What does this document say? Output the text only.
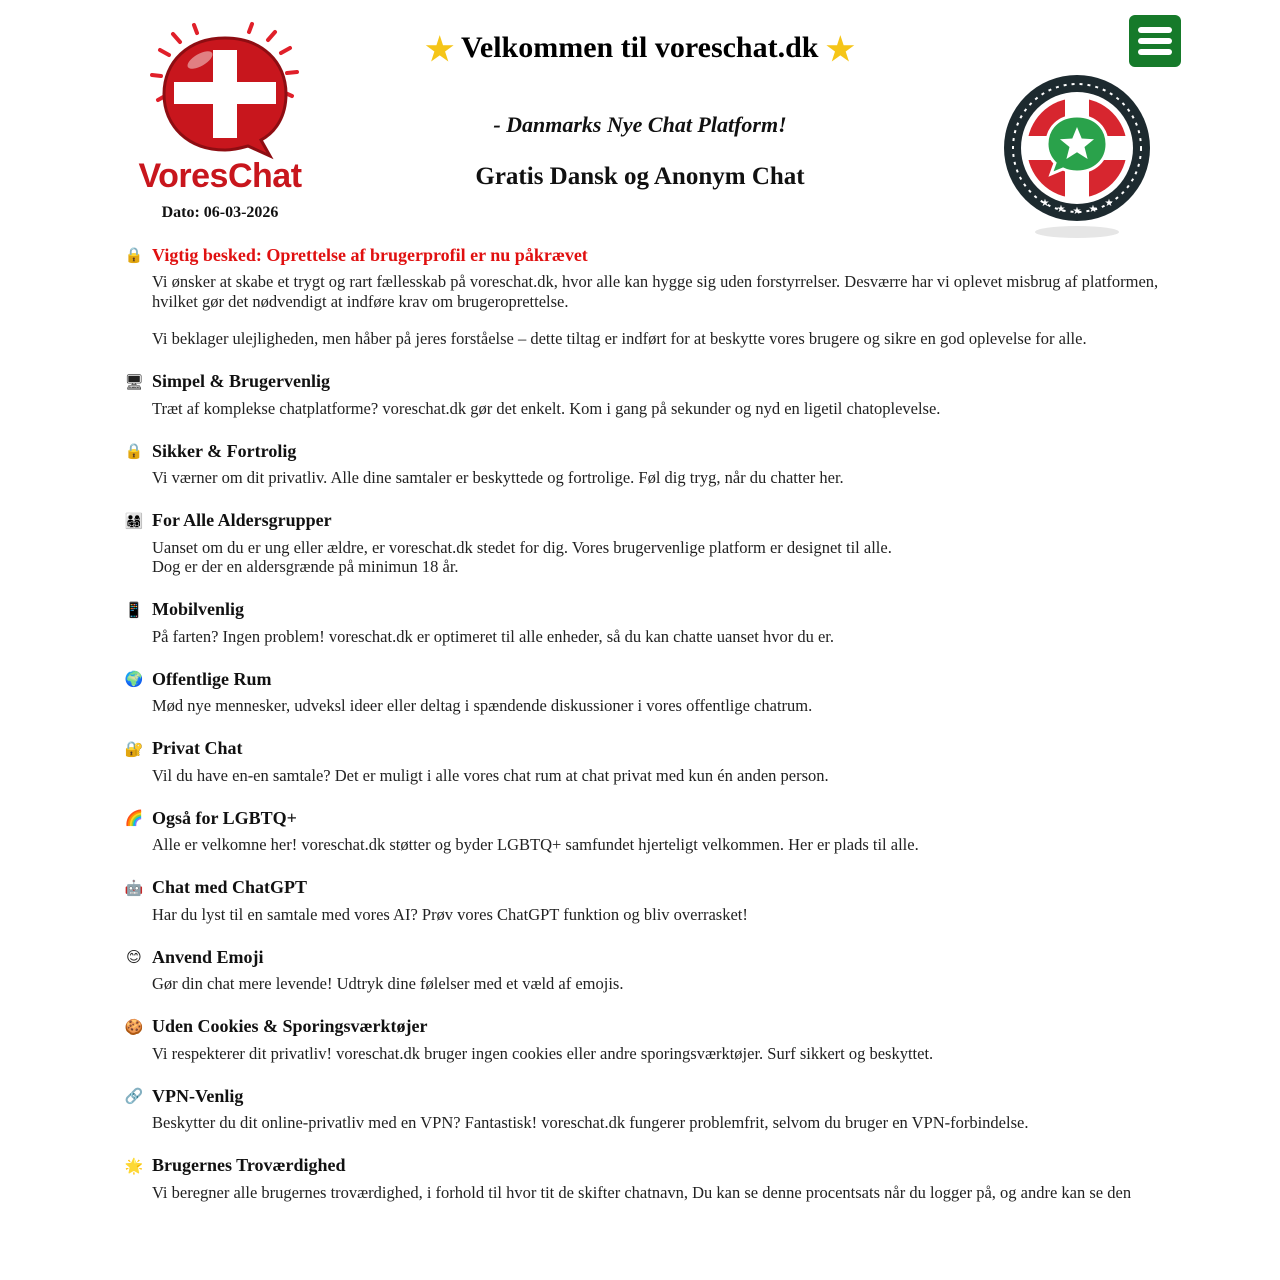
VoresChat
Dato: 06-03-2026
★ Velkommen til voreschat.dk ★
- Danmarks Nye Chat Platform!
Gratis Dansk og Anonym Chat
★
★ ★ ★
★
🔒 Vigtig besked: Oprettelse af brugerprofil er nu påkrævet

Vi ønsker at skabe et trygt og rart fællesskab på voreschat.dk, hvor alle kan hygge sig uden forstyrrelser. Desværre har vi oplevet misbrug af platformen, hvilket gør det nødvendigt at indføre krav om brugeroprettelse.

Vi beklager ulejligheden, men håber på jeres forståelse – dette tiltag er indført for at beskytte vores brugere og sikre en god oplevelse for alle.

🖥 Simpel & Brugervenlig

Træt af komplekse chatplatforme? voreschat.dk gør det enkelt. Kom i gang på sekunder og nyd en ligetil chatoplevelse.

🔒 Sikker & Fortrolig

Vi værner om dit privatliv. Alle dine samtaler er beskyttede og fortrolige. Føl dig tryg, når du chatter her.

👨‍👩‍👧‍👦 For Alle Aldersgrupper

Uanset om du er ung eller ældre, er voreschat.dk stedet for dig. Vores brugervenlige platform er designet til alle.
Dog er der en aldersgrænde på minimun 18 år.

📱 Mobilvenlig

På farten? Ingen problem! voreschat.dk er optimeret til alle enheder, så du kan chatte uanset hvor du er.

🌍 Offentlige Rum

Mød nye mennesker, udveksl ideer eller deltag i spændende diskussioner i vores offentlige chatrum.

🔐 Privat Chat

Vil du have en-en samtale? Det er muligt i alle vores chat rum at chat privat med kun én anden person.

🌈 Også for LGBTQ+

Alle er velkomne her! voreschat.dk støtter og byder LGBTQ+ samfundet hjerteligt velkommen. Her er plads til alle.

🤖 Chat med ChatGPT

Har du lyst til en samtale med vores AI? Prøv vores ChatGPT funktion og bliv overrasket!

😊 Anvend Emoji

Gør din chat mere levende! Udtryk dine følelser med et væld af emojis.

🍪 Uden Cookies & Sporingsværktøjer

Vi respekterer dit privatliv! voreschat.dk bruger ingen cookies eller andre sporingsværktøjer. Surf sikkert og beskyttet.

🔗 VPN-Venlig

Beskytter du dit online-privatliv med en VPN? Fantastisk! voreschat.dk fungerer problemfrit, selvom du bruger en VPN-forbindelse.

🌟 Brugernes Troværdighed

Vi beregner alle brugernes troværdighed, i forhold til hvor tit de skifter chatnavn, Du kan se denne procentsats når du logger på, og andre kan se den
